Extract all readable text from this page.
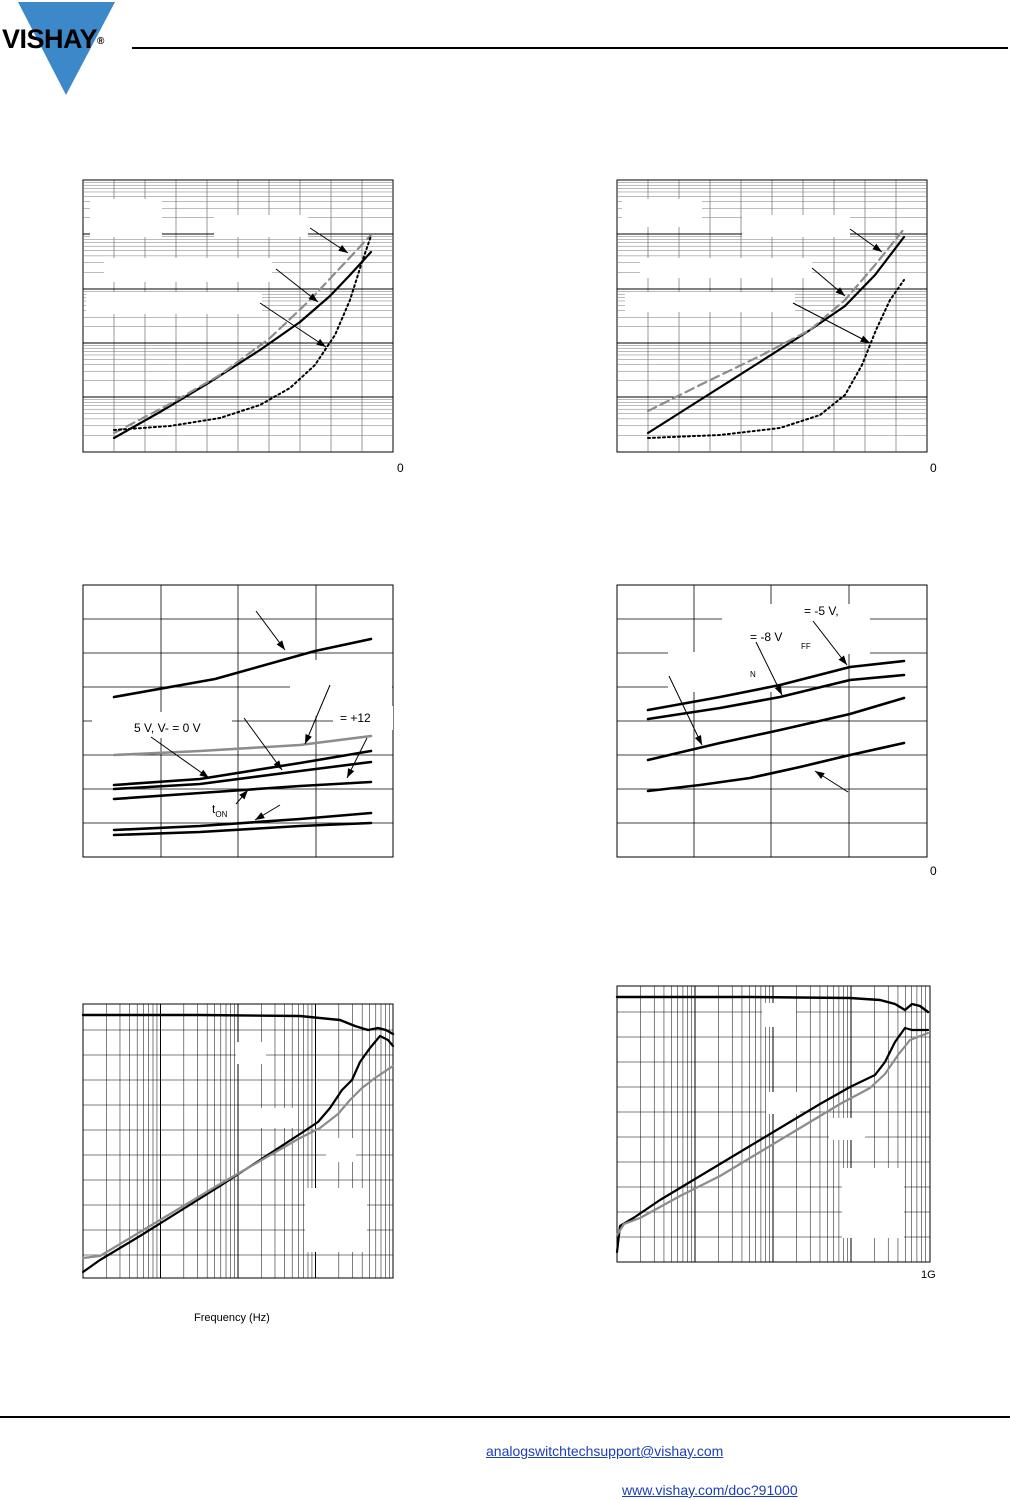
VISHAY®
0	0
5 V, V- = 0 V
= +12
$t_{ON}$
= -5 V,
= -8 V
FF
N
0
Frequency (Hz)
1G
analogswitchtechsupport@vishay.com
www.vishay.com/doc?91000
